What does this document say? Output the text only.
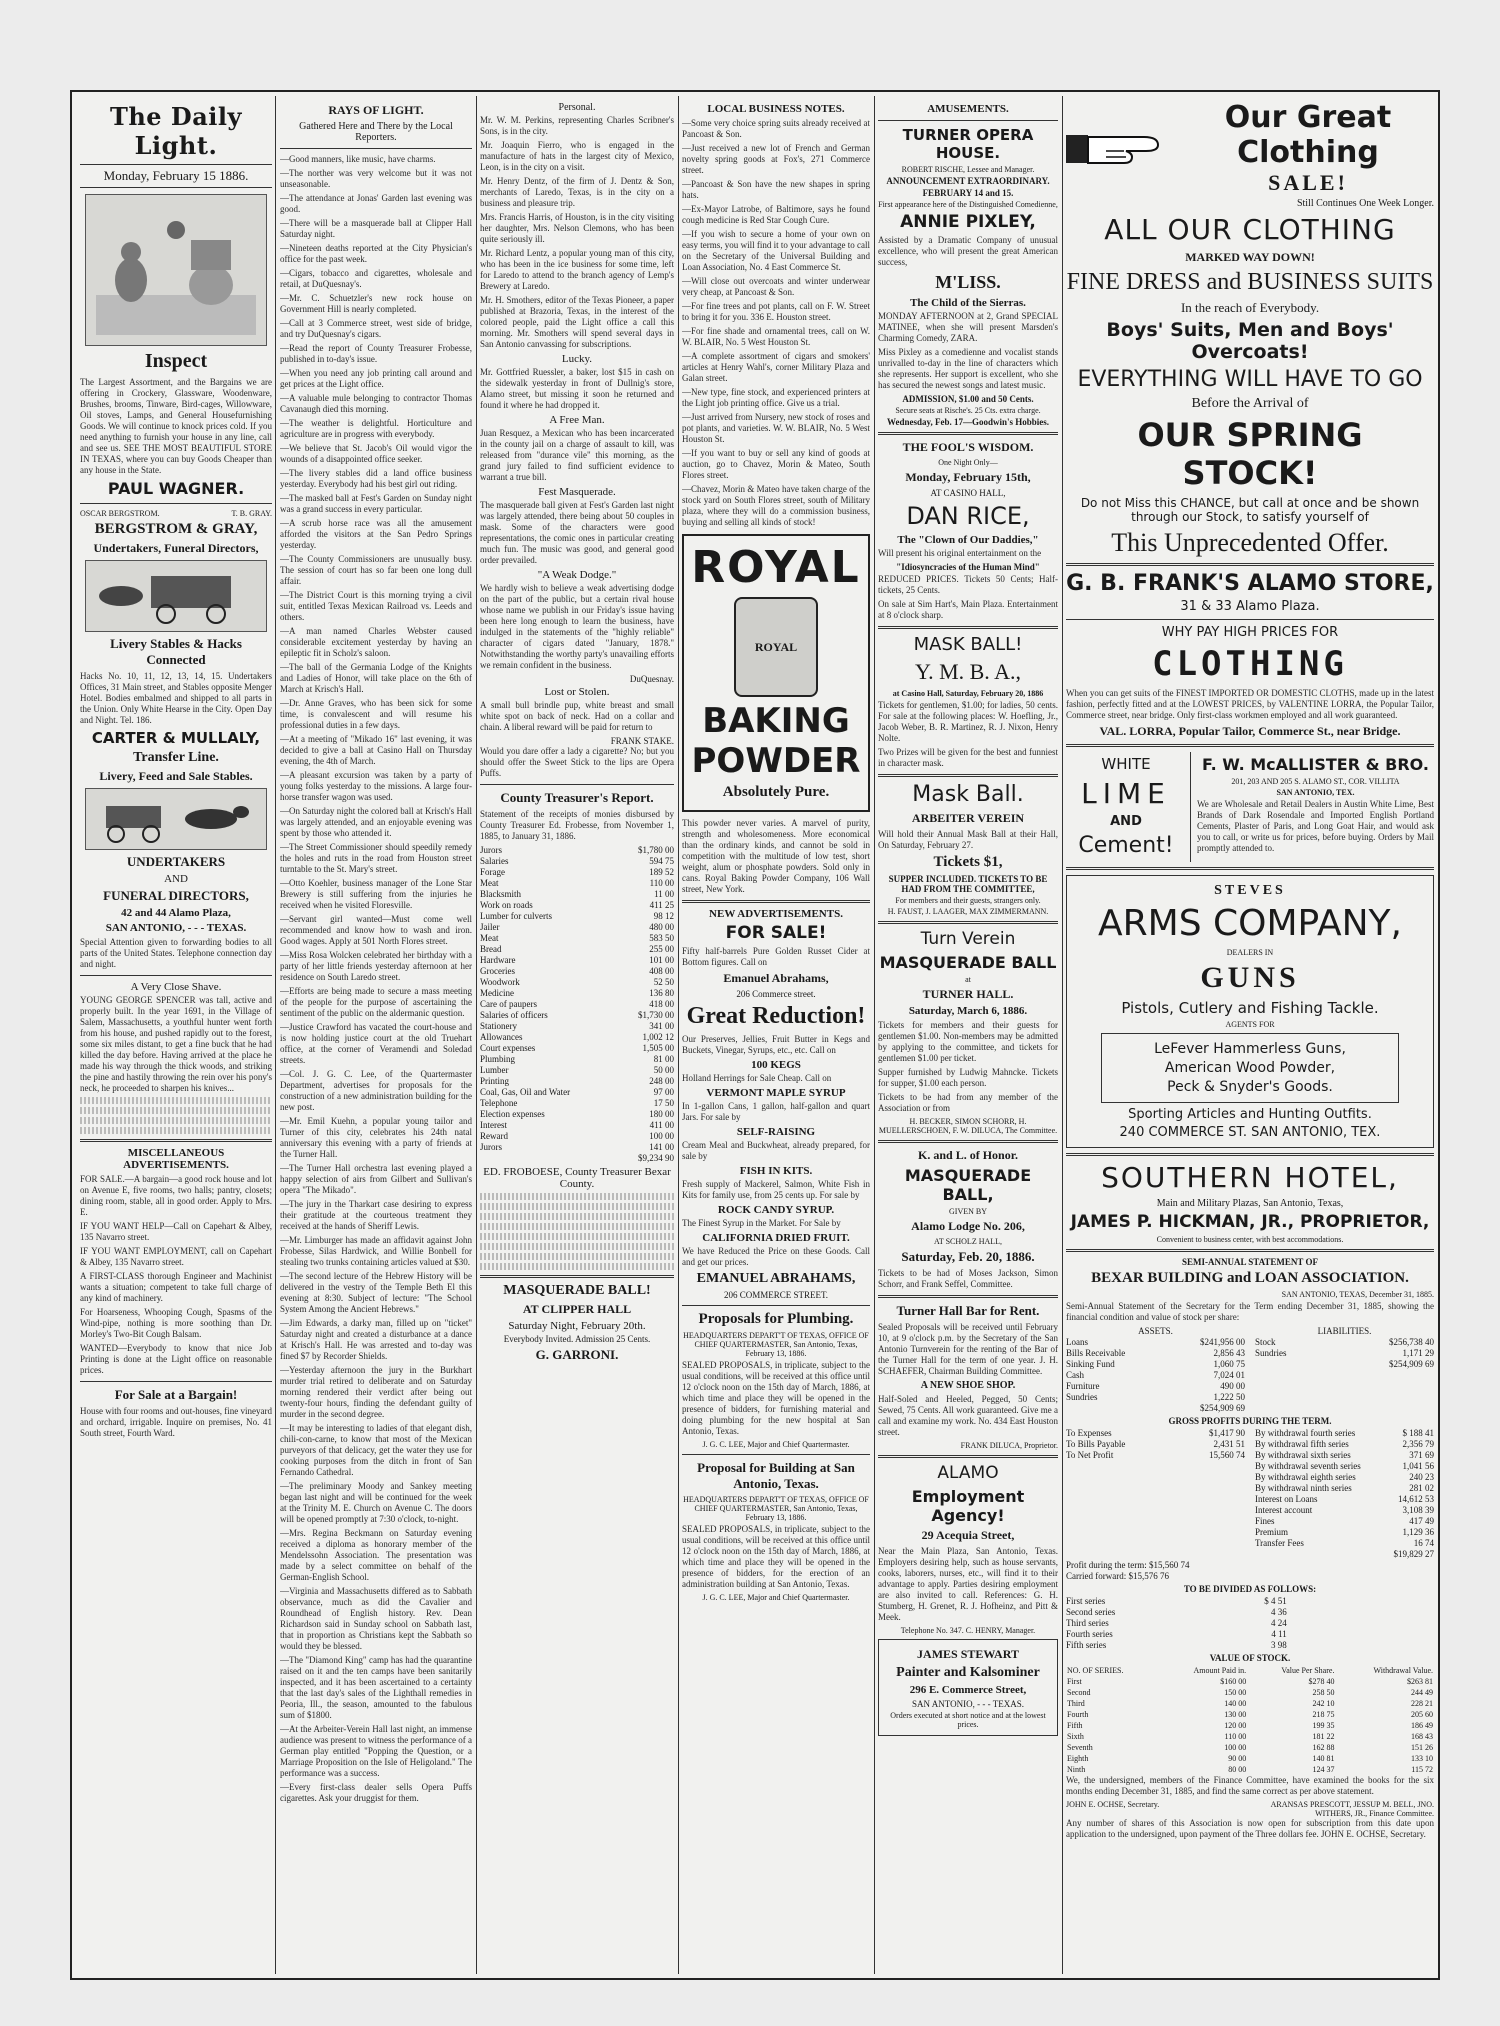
The Daily Light.
Monday, February 15 1886.
Inspect

The Largest Assortment, and the Bargains we are offering in Crockery, Glassware, Woodenware, Brushes, brooms, Tinware, Bird-cages, Willowware, Oil stoves, Lamps, and General Housefurnishing Goods. We will continue to knock prices cold. If you need anything to furnish your house in any line, call and see us. SEE THE MOST BEAUTIFUL STORE IN TEXAS, where you can buy Goods Cheaper than any house in the State.

PAUL WAGNER.
OSCAR BERGSTROM.	T. B. GRAY.
BERGSTROM & GRAY,
Undertakers, Funeral Directors,
Livery Stables & Hacks Connected

Hacks No. 10, 11, 12, 13, 14, 15. Undertakers Offices, 31 Main street, and Stables opposite Menger Hotel. Bodies embalmed and shipped to all parts in the Union. Only White Hearse in the City. Open Day and Night. Tel. 186.

CARTER & MULLALY,
Transfer Line.
Livery, Feed and Sale Stables.
UNDERTAKERS
AND
FUNERAL DIRECTORS,
42 and 44 Alamo Plaza,
SAN ANTONIO, - - - TEXAS.

Special Attention given to forwarding bodies to all parts of the United States. Telephone connection day and night.

A Very Close Shave.

YOUNG GEORGE SPENCER was tall, active and properly built. In the year 1691, in the Village of Salem, Massachusetts, a youthful hunter went forth from his house, and pushed rapidly out to the forest, some six miles distant, to get a fine buck that he had killed the day before. Having arrived at the place he made his way through the thick woods, and striking the pine and hastily throwing the rein over his pony's neck, he proceeded to sharpen his knives...

MISCELLANEOUS ADVERTISEMENTS.

FOR SALE.—A bargain—a good rock house and lot on Avenue E, five rooms, two halls; pantry, closets; dining room, stable, all in good order. Apply to Mrs. E.

IF YOU WANT HELP—Call on Capehart & Albey, 135 Navarro street.

IF YOU WANT EMPLOYMENT, call on Capehart & Albey, 135 Navarro street.

A FIRST-CLASS thorough Engineer and Machinist wants a situation; competent to take full charge of any kind of machinery.

For Hoarseness, Whooping Cough, Spasms of the Wind-pipe, nothing is more soothing than Dr. Morley's Two-Bit Cough Balsam.

WANTED—Everybody to know that nice Job Printing is done at the Light office on reasonable prices.

For Sale at a Bargain!

House with four rooms and out-houses, fine vineyard and orchard, irrigable. Inquire on premises, No. 41 South street, Fourth Ward.

RAYS OF LIGHT.
Gathered Here and There by the Local Reporters.

—Good manners, like music, have charms.

—The norther was very welcome but it was not unseasonable.

—The attendance at Jonas' Garden last evening was good.

—There will be a masquerade ball at Clipper Hall Saturday night.

—Nineteen deaths reported at the City Physician's office for the past week.

—Cigars, tobacco and cigarettes, wholesale and retail, at DuQuesnay's.

—Mr. C. Schuetzler's new rock house on Government Hill is nearly completed.

—Call at 3 Commerce street, west side of bridge, and try DuQuesnay's cigars.

—Read the report of County Treasurer Frobesse, published in to-day's issue.

—When you need any job printing call around and get prices at the Light office.

—A valuable mule belonging to contractor Thomas Cavanaugh died this morning.

—The weather is delightful. Horticulture and agriculture are in progress with everybody.

—We believe that St. Jacob's Oil would vigor the wounds of a disappointed office seeker.

—The livery stables did a land office business yesterday. Everybody had his best girl out riding.

—The masked ball at Fest's Garden on Sunday night was a grand success in every particular.

—A scrub horse race was all the amusement afforded the visitors at the San Pedro Springs yesterday.

—The County Commissioners are unusually busy. The session of court has so far been one long dull affair.

—The District Court is this morning trying a civil suit, entitled Texas Mexican Railroad vs. Leeds and others.

—A man named Charles Webster caused considerable excitement yesterday by having an epileptic fit in Scholz's saloon.

—The ball of the Germania Lodge of the Knights and Ladies of Honor, will take place on the 6th of March at Krisch's Hall.

—Dr. Anne Graves, who has been sick for some time, is convalescent and will resume his professional duties in a few days.

—At a meeting of "Mikado 16" last evening, it was decided to give a ball at Casino Hall on Thursday evening, the 4th of March.

—A pleasant excursion was taken by a party of young folks yesterday to the missions. A large four-horse transfer wagon was used.

—On Saturday night the colored ball at Krisch's Hall was largely attended, and an enjoyable evening was spent by those who attended it.

—The Street Commissioner should speedily remedy the holes and ruts in the road from Houston street turntable to the St. Mary's street.

—Otto Koehler, business manager of the Lone Star Brewery is still suffering from the injuries he received when he visited Floresville.

—Servant girl wanted—Must come well recommended and know how to wash and iron. Good wages. Apply at 501 North Flores street.

—Miss Rosa Wolcken celebrated her birthday with a party of her little friends yesterday afternoon at her residence on South Laredo street.

—Efforts are being made to secure a mass meeting of the people for the purpose of ascertaining the sentiment of the public on the aldermanic question.

—Justice Crawford has vacated the court-house and is now holding justice court at the old Truehart office, at the corner of Veramendi and Soledad streets.

—Col. J. G. C. Lee, of the Quartermaster Department, advertises for proposals for the construction of a new administration building for the new post.

—Mr. Emil Kuehn, a popular young tailor and Turner of this city, celebrates his 24th natal anniversary this evening with a party of friends at the Turner Hall.

—The Turner Hall orchestra last evening played a happy selection of airs from Gilbert and Sullivan's opera "The Mikado".

—The jury in the Tharkart case desiring to express their gratitude at the courteous treatment they received at the hands of Sheriff Lewis.

—Mr. Limburger has made an affidavit against John Frobesse, Silas Hardwick, and Willie Bonbell for stealing two trunks containing articles valued at $30.

—The second lecture of the Hebrew History will be delivered in the vestry of the Temple Beth El this evening at 8:30. Subject of lecture: "The School System Among the Ancient Hebrews."

—Jim Edwards, a darky man, filled up on "ticket" Saturday night and created a disturbance at a dance at Krisch's Hall. He was arrested and to-day was fined $7 by Recorder Shields.

—Yesterday afternoon the jury in the Burkhart murder trial retired to deliberate and on Saturday morning rendered their verdict after being out twenty-four hours, finding the defendant guilty of murder in the second degree.

—It may be interesting to ladies of that elegant dish, chili-con-carne, to know that most of the Mexican purveyors of that delicacy, get the water they use for cooking purposes from the ditch in front of San Fernando Cathedral.

—The preliminary Moody and Sankey meeting began last night and will be continued for the week at the Trinity M. E. Church on Avenue C. The doors will be opened promptly at 7:30 o'clock, to-night.

—Mrs. Regina Beckmann on Saturday evening received a diploma as honorary member of the Mendelssohn Association. The presentation was made by a select committee on behalf of the German-English School.

—Virginia and Massachusetts differed as to Sabbath observance, much as did the Cavalier and Roundhead of English history. Rev. Dean Richardson said in Sunday school on Sabbath last, that in proportion as Christians kept the Sabbath so would they be blessed.

—The "Diamond King" camp has had the quarantine raised on it and the ten camps have been sanitarily inspected, and it has been ascertained to a certainty that the last day's sales of the Lighthall remedies in Peoria, Ill., the season, amounted to the fabulous sum of $1800.

—At the Arbeiter-Verein Hall last night, an immense audience was present to witness the performance of a German play entitled "Popping the Question, or a Marriage Proposition on the Isle of Heligoland." The performance was a success.

—Every first-class dealer sells Opera Puffs cigarettes. Ask your druggist for them.

Personal.

Mr. W. M. Perkins, representing Charles Scribner's Sons, is in the city.

Mr. Joaquin Fierro, who is engaged in the manufacture of hats in the largest city of Mexico, Leon, is in the city on a visit.

Mr. Henry Dentz, of the firm of J. Dentz & Son, merchants of Laredo, Texas, is in the city on a business and pleasure trip.

Mrs. Francis Harris, of Houston, is in the city visiting her daughter, Mrs. Nelson Clemons, who has been quite seriously ill.

Mr. Richard Lentz, a popular young man of this city, who has been in the ice business for some time, left for Laredo to attend to the branch agency of Lemp's Brewery at Laredo.

Mr. H. Smothers, editor of the Texas Pioneer, a paper published at Brazoria, Texas, in the interest of the colored people, paid the Light office a call this morning. Mr. Smothers will spend several days in San Antonio canvassing for subscriptions.

Lucky.

Mr. Gottfried Ruessler, a baker, lost $15 in cash on the sidewalk yesterday in front of Dullnig's store, Alamo street, but missing it soon he returned and found it where he had dropped it.

A Free Man.

Juan Resquez, a Mexican who has been incarcerated in the county jail on a charge of assault to kill, was released from "durance vile" this morning, as the grand jury failed to find sufficient evidence to warrant a true bill.

Fest Masquerade.

The masquerade ball given at Fest's Garden last night was largely attended, there being about 50 couples in mask. Some of the characters were good representations, the comic ones in particular creating much fun. The music was good, and general good order prevailed.

"A Weak Dodge."

We hardly wish to believe a weak advertising dodge on the part of the public, but a certain rival house whose name we publish in our Friday's issue having been here long enough to learn the business, have indulged in the statements of the "highly reliable" character of cigars dated "January, 1878." Notwithstanding the worthy party's unavailing efforts we remain confident in the business.

DuQuesnay.
Lost or Stolen.

A small bull brindle pup, white breast and small white spot on back of neck. Had on a collar and chain. A liberal reward will be paid for return to

FRANK STAKE.

Would you dare offer a lady a cigarette? No; but you should offer the Sweet Stick to the lips are Opera Puffs.

County Treasurer's Report.

Statement of the receipts of monies disbursed by County Treasurer Ed. Frobesse, from November 1, 1885, to January 31, 1886.

Jurors	$1,780 00
Salaries	594 75
Forage	189 52
Meat	110 00
Blacksmith	11 00
Work on roads	411 25
Lumber for culverts	98 12
Jailer	480 00
Meat	583 50
Bread	255 00
Hardware	101 00
Groceries	408 00
Woodwork	52 50
Medicine	136 80
Care of paupers	418 00
Salaries of officers	$1,730 00
Stationery	341 00
Allowances	1,002 12
Court expenses	1,505 00
Plumbing	81 00
Lumber	50 00
Printing	248 00
Coal, Gas, Oil and Water	97 00
Telephone	17 50
Election expenses	180 00
Interest	411 00
Reward	100 00
Jurors	141 00
$9,234 90
ED. FROBOESE, County Treasurer Bexar County.
MASQUERADE BALL!
AT CLIPPER HALL
Saturday Night, February 20th.
Everybody Invited. Admission 25 Cents.
G. GARRONI.
LOCAL BUSINESS NOTES.

—Some very choice spring suits already received at Pancoast & Son.

—Just received a new lot of French and German novelty spring goods at Fox's, 271 Commerce street.

—Pancoast & Son have the new shapes in spring hats.

—Ex-Mayor Latrobe, of Baltimore, says he found cough medicine is Red Star Cough Cure.

—If you wish to secure a home of your own on easy terms, you will find it to your advantage to call on the Secretary of the Universal Building and Loan Association, No. 4 East Commerce St.

—Will close out overcoats and winter underwear very cheap, at Pancoast & Son.

—For fine trees and pot plants, call on F. W. Street to bring it for you. 336 E. Houston street.

—For fine shade and ornamental trees, call on W. W. BLAIR, No. 5 West Houston St.

—A complete assortment of cigars and smokers' articles at Henry Wahl's, corner Military Plaza and Galan street.

—New type, fine stock, and experienced printers at the Light job printing office. Give us a trial.

—Just arrived from Nursery, new stock of roses and pot plants, and varieties. W. W. BLAIR, No. 5 West Houston St.

—If you want to buy or sell any kind of goods at auction, go to Chavez, Morin & Mateo, South Flores street.

—Chavez, Morin & Mateo have taken charge of the stock yard on South Flores street, south of Military plaza, where they will do a commission business, buying and selling all kinds of stock!

ROYAL
ROYAL
BAKING
POWDER
Absolutely Pure.

This powder never varies. A marvel of purity, strength and wholesomeness. More economical than the ordinary kinds, and cannot be sold in competition with the multitude of low test, short weight, alum or phosphate powders. Sold only in cans. Royal Baking Powder Company, 106 Wall street, New York.

NEW ADVERTISEMENTS.
FOR SALE!

Fifty half-barrels Pure Golden Russet Cider at Bottom figures. Call on

Emanuel Abrahams,
206 Commerce street.
Great Reduction!

Our Preserves, Jellies, Fruit Butter in Kegs and Buckets, Vinegar, Syrups, etc., etc. Call on

100 KEGS

Holland Herrings for Sale Cheap. Call on

VERMONT MAPLE SYRUP

In 1-gallon Cans, 1 gallon, half-gallon and quart Jars. For sale by

SELF-RAISING

Cream Meal and Buckwheat, already prepared, for sale by

FISH IN KITS.

Fresh supply of Mackerel, Salmon, White Fish in Kits for family use, from 25 cents up. For sale by

ROCK CANDY SYRUP.

The Finest Syrup in the Market. For Sale by

CALIFORNIA DRIED FRUIT.

We have Reduced the Price on these Goods. Call and get our prices.

EMANUEL ABRAHAMS,
206 COMMERCE STREET.
Proposals for Plumbing.
HEADQUARTERS DEPART'T OF TEXAS, OFFICE OF CHIEF QUARTERMASTER, San Antonio, Texas, February 13, 1886.

SEALED PROPOSALS, in triplicate, subject to the usual conditions, will be received at this office until 12 o'clock noon on the 15th day of March, 1886, at which time and place they will be opened in the presence of bidders, for furnishing material and doing plumbing for the new hospital at San Antonio, Texas.

J. G. C. LEE, Major and Chief Quartermaster.
Proposal for Building at San Antonio, Texas.
HEADQUARTERS DEPART'T OF TEXAS, OFFICE OF CHIEF QUARTERMASTER, San Antonio, Texas, February 13, 1886.

SEALED PROPOSALS, in triplicate, subject to the usual conditions, will be received at this office until 12 o'clock noon on the 15th day of March, 1886, at which time and place they will be opened in the presence of bidders, for the erection of an administration building at San Antonio, Texas.

J. G. C. LEE, Major and Chief Quartermaster.
AMUSEMENTS.
TURNER OPERA HOUSE.
ROBERT RISCHE, Lessee and Manager.
ANNOUNCEMENT EXTRAORDINARY.
FEBRUARY 14 and 15.
First appearance here of the Distinguished Comedienne,
ANNIE PIXLEY,

Assisted by a Dramatic Company of unusual excellence, who will present the great American success,

M'LISS.
The Child of the Sierras.

MONDAY AFTERNOON at 2, Grand SPECIAL MATINEE, when she will present Marsden's Charming Comedy, ZARA.

Miss Pixley as a comedienne and vocalist stands unrivalled to-day in the line of characters which she represents. Her support is excellent, who she has secured the newest songs and latest music.

ADMISSION, $1.00 and 50 Cents.
Secure seats at Rische's. 25 Cts. extra charge.
Wednesday, Feb. 17—Goodwin's Hobbies.
THE FOOL'S WISDOM.
One Night Only—
Monday, February 15th,
AT CASINO HALL,
DAN RICE,
The "Clown of Our Daddies,"

Will present his original entertainment on the

"Idiosyncracies of the Human Mind"

REDUCED PRICES. Tickets 50 Cents; Half-tickets, 25 Cents.

On sale at Sim Hart's, Main Plaza. Entertainment at 8 o'clock sharp.

MASK BALL!
Y. M. B. A.,
at Casino Hall, Saturday, February 20, 1886

Tickets for gentlemen, $1.00; for ladies, 50 cents. For sale at the following places: W. Hoefling, Jr., Jacob Weber, B. R. Martinez, R. J. Nixon, Henry Nolte.

Two Prizes will be given for the best and funniest in character mask.

Mask Ball.
ARBEITER VEREIN

Will hold their Annual Mask Ball at their Hall, On Saturday, February 27.

Tickets $1,
SUPPER INCLUDED. TICKETS TO BE HAD FROM THE COMMITTEE,
For members and their guests, strangers only.
H. FAUST, J. LAAGER, MAX ZIMMERMANN.
Turn Verein
MASQUERADE BALL
at
TURNER HALL.
Saturday, March 6, 1886.

Tickets for members and their guests for gentlemen $1.00. Non-members may be admitted by applying to the committee, and tickets for gentlemen $1.00 per ticket.

Supper furnished by Ludwig Mahncke. Tickets for supper, $1.00 each person.

Tickets to be had from any member of the Association or from

H. BECKER, SIMON SCHORR, H. MUELLERSCHOEN, F. W. DILUCA, The Committee.
K. and L. of Honor.
MASQUERADE BALL,
GIVEN BY
Alamo Lodge No. 206,
AT SCHOLZ HALL,
Saturday, Feb. 20, 1886.

Tickets to be had of Moses Jackson, Simon Schorr, and Frank Seffel, Committee.

Turner Hall Bar for Rent.

Sealed Proposals will be received until February 10, at 9 o'clock p.m. by the Secretary of the San Antonio Turnverein for the renting of the Bar of the Turner Hall for the term of one year. J. H. SCHAEFER, Chairman Building Committee.

A NEW SHOE SHOP.

Half-Soled and Heeled, Pegged, 50 Cents; Sewed, 75 Cents. All work guaranteed. Give me a call and examine my work. No. 434 East Houston street.

FRANK DILUCA, Proprietor.
ALAMO
Employment Agency!
29 Acequia Street,

Near the Main Plaza, San Antonio, Texas. Employers desiring help, such as house servants, cooks, laborers, nurses, etc., will find it to their advantage to apply. Parties desiring employment are also invited to call. References: G. H. Stumberg, H. Grenet, R. J. Hofheinz, and Pitt & Meek.

Telephone No. 347. C. HENRY, Manager.
JAMES STEWART
Painter and Kalsominer
296 E. Commerce Street,
SAN ANTONIO, - - - TEXAS.
Orders executed at short notice and at the lowest prices.
Our Great Clothing
SALE!
Still Continues One Week Longer.
ALL OUR CLOTHING
MARKED WAY DOWN!
FINE DRESS and BUSINESS SUITS
In the reach of Everybody.
Boys' Suits, Men and Boys' Overcoats!
EVERYTHING WILL HAVE TO GO
Before the Arrival of
OUR SPRING STOCK!
Do not Miss this CHANCE, but call at once and be shown through our Stock, to satisfy yourself of
This Unprecedented Offer.
G. B. FRANK'S ALAMO STORE,
31 & 33 Alamo Plaza.
WHY PAY HIGH PRICES FOR
CLOTHING

When you can get suits of the FINEST IMPORTED OR DOMESTIC CLOTHS, made up in the latest fashion, perfectly fitted and at the LOWEST PRICES, by VALENTINE LORRA, the Popular Tailor, Commerce street, near bridge. Only first-class workmen employed and all work guaranteed.

VAL. LORRA, Popular Tailor, Commerce St., near Bridge.
WHITE
LIME
AND
Cement!
F. W. McALLISTER & BRO.
201, 203 AND 205 S. ALAMO ST., COR. VILLITA
SAN ANTONIO, TEX.

We are Wholesale and Retail Dealers in Austin White Lime, Best Brands of Dark Rosendale and Imported English Portland Cements, Plaster of Paris, and Long Goat Hair, and would ask you to call, or write us for prices, before buying. Orders by Mail promptly attended to.

STEVES
ARMS COMPANY,
DEALERS IN
GUNS
Pistols, Cutlery and Fishing Tackle.
AGENTS FOR
LeFever Hammerless Guns,
American Wood Powder,
Peck & Snyder's Goods.
Sporting Articles and Hunting Outfits.
240 COMMERCE ST. SAN ANTONIO, TEX.
SOUTHERN HOTEL,
Main and Military Plazas, San Antonio, Texas,
JAMES P. HICKMAN, JR., PROPRIETOR,
Convenient to business center, with best accommodations.
SEMI-ANNUAL STATEMENT OF
BEXAR BUILDING and LOAN ASSOCIATION.
SAN ANTONIO, TEXAS, December 31, 1885.

Semi-Annual Statement of the Secretary for the Term ending December 31, 1885, showing the financial condition and value of stock per share:

ASSETS.
Loans	$241,956 00
Bills Receivable	2,856 43
Sinking Fund	1,060 75
Cash	7,024 01
Furniture	490 00
Sundries	1,222 50
$254,909 69
LIABILITIES.
Stock	$256,738 40
Sundries	1,171 29
$254,909 69
GROSS PROFITS DURING THE TERM.
To Expenses	$1,417 90
To Bills Payable	2,431 51
To Net Profit	15,560 74
By withdrawal fourth series	$ 188 41
By withdrawal fifth series	2,356 79
By withdrawal sixth series	371 69
By withdrawal seventh series	1,041 56
By withdrawal eighth series	240 23
By withdrawal ninth series	281 02
Interest on Loans	14,612 53
Interest account	3,108 39
Fines	417 49
Premium	1,129 36
Transfer Fees	16 74
$19,829 27
Profit during the term: $15,560 74
Carried forward: $15,576 76
TO BE DIVIDED AS FOLLOWS:
First series	$ 4 51
Second series	4 36
Third series	4 24
Fourth series	4 11
Fifth series	3 98
VALUE OF STOCK.
NO. OF SERIES.	Amount Paid in.	Value Per Share.	Withdrawal Value.
First	$160 00	$278 40	$263 81
Second	150 00	258 50	244 49
Third	140 00	242 10	228 21
Fourth	130 00	218 75	205 60
Fifth	120 00	199 35	186 49
Sixth	110 00	181 22	168 43
Seventh	100 00	162 88	151 26
Eighth	90 00	140 81	133 10
Ninth	80 00	124 37	115 72

We, the undersigned, members of the Finance Committee, have examined the books for the six months ending December 31, 1885, and find the same correct as per above statement.

JOHN E. OCHSE, Secretary.	ARANSAS PRESCOTT, JESSUP M. BELL, JNO. WITHERS, JR., Finance Committee.

Any number of shares of this Association is now open for subscription from this date upon application to the undersigned, upon payment of the Three dollars fee. JOHN E. OCHSE, Secretary.
